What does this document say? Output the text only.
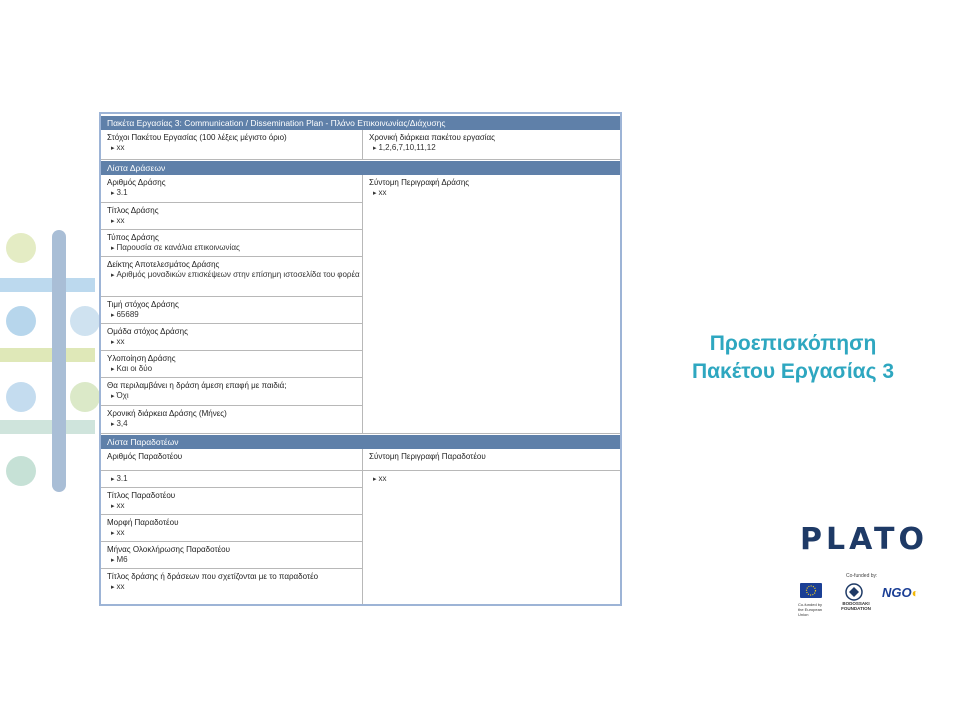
Πακέτα Εργασίας 3: Communication / Dissemination Plan - Πλάνο Επικοινωνίας/Διάχυσης
Στόχοι Πακέτου Εργασίας (100 λέξεις μέγιστο όριο)
▸ xx
Χρονική διάρκεια πακέτου εργασίας
▸ 1,2,6,7,10,11,12
Λίστα Δράσεων
Αριθμός Δράσης
▸ 3.1
Τίτλος Δράσης
▸ xx
Τύπος Δράσης
▸ Παρουσία σε κανάλια επικοινωνίας
Δείκτης Αποτελεσμάτος Δράσης
▸ Αριθμός μοναδικών επισκέψεων στην επίσημη ιστοσελίδα του φορέα
Τιμή στόχος Δράσης
▸ 65689
Ομάδα στόχος Δράσης
▸ xx
Υλοποίηση Δράσης
▸ Και οι δύο
Θα περιλαμβάνει η δράση άμεση επαφή με παιδιά;
▸ Όχι
Χρονική διάρκεια Δράσης (Μήνες)
▸ 3,4
Σύντομη Περιγραφή Δράσης
▸ xx
Λίστα Παραδοτέων
Αριθμός Παραδοτέου	Σύντομη Περιγραφή Παραδοτέου
▸ 3.1
▸	xx
Τίτλος Παραδοτέου
▸ xx
Μορφή Παραδοτέου
▸ xx
Μήνας Ολοκλήρωσης Παραδοτέου
▸ M6
Τίτλος δράσης ή δράσεων που σχετίζονται με το παραδοτέο
▸ xx
Προεπισκόπηση
Πακέτου Εργασίας 3
PLATO
Co-funded by:
Co-funded by the European Union
BODOSSAKI FOUNDATION
NGO◐
